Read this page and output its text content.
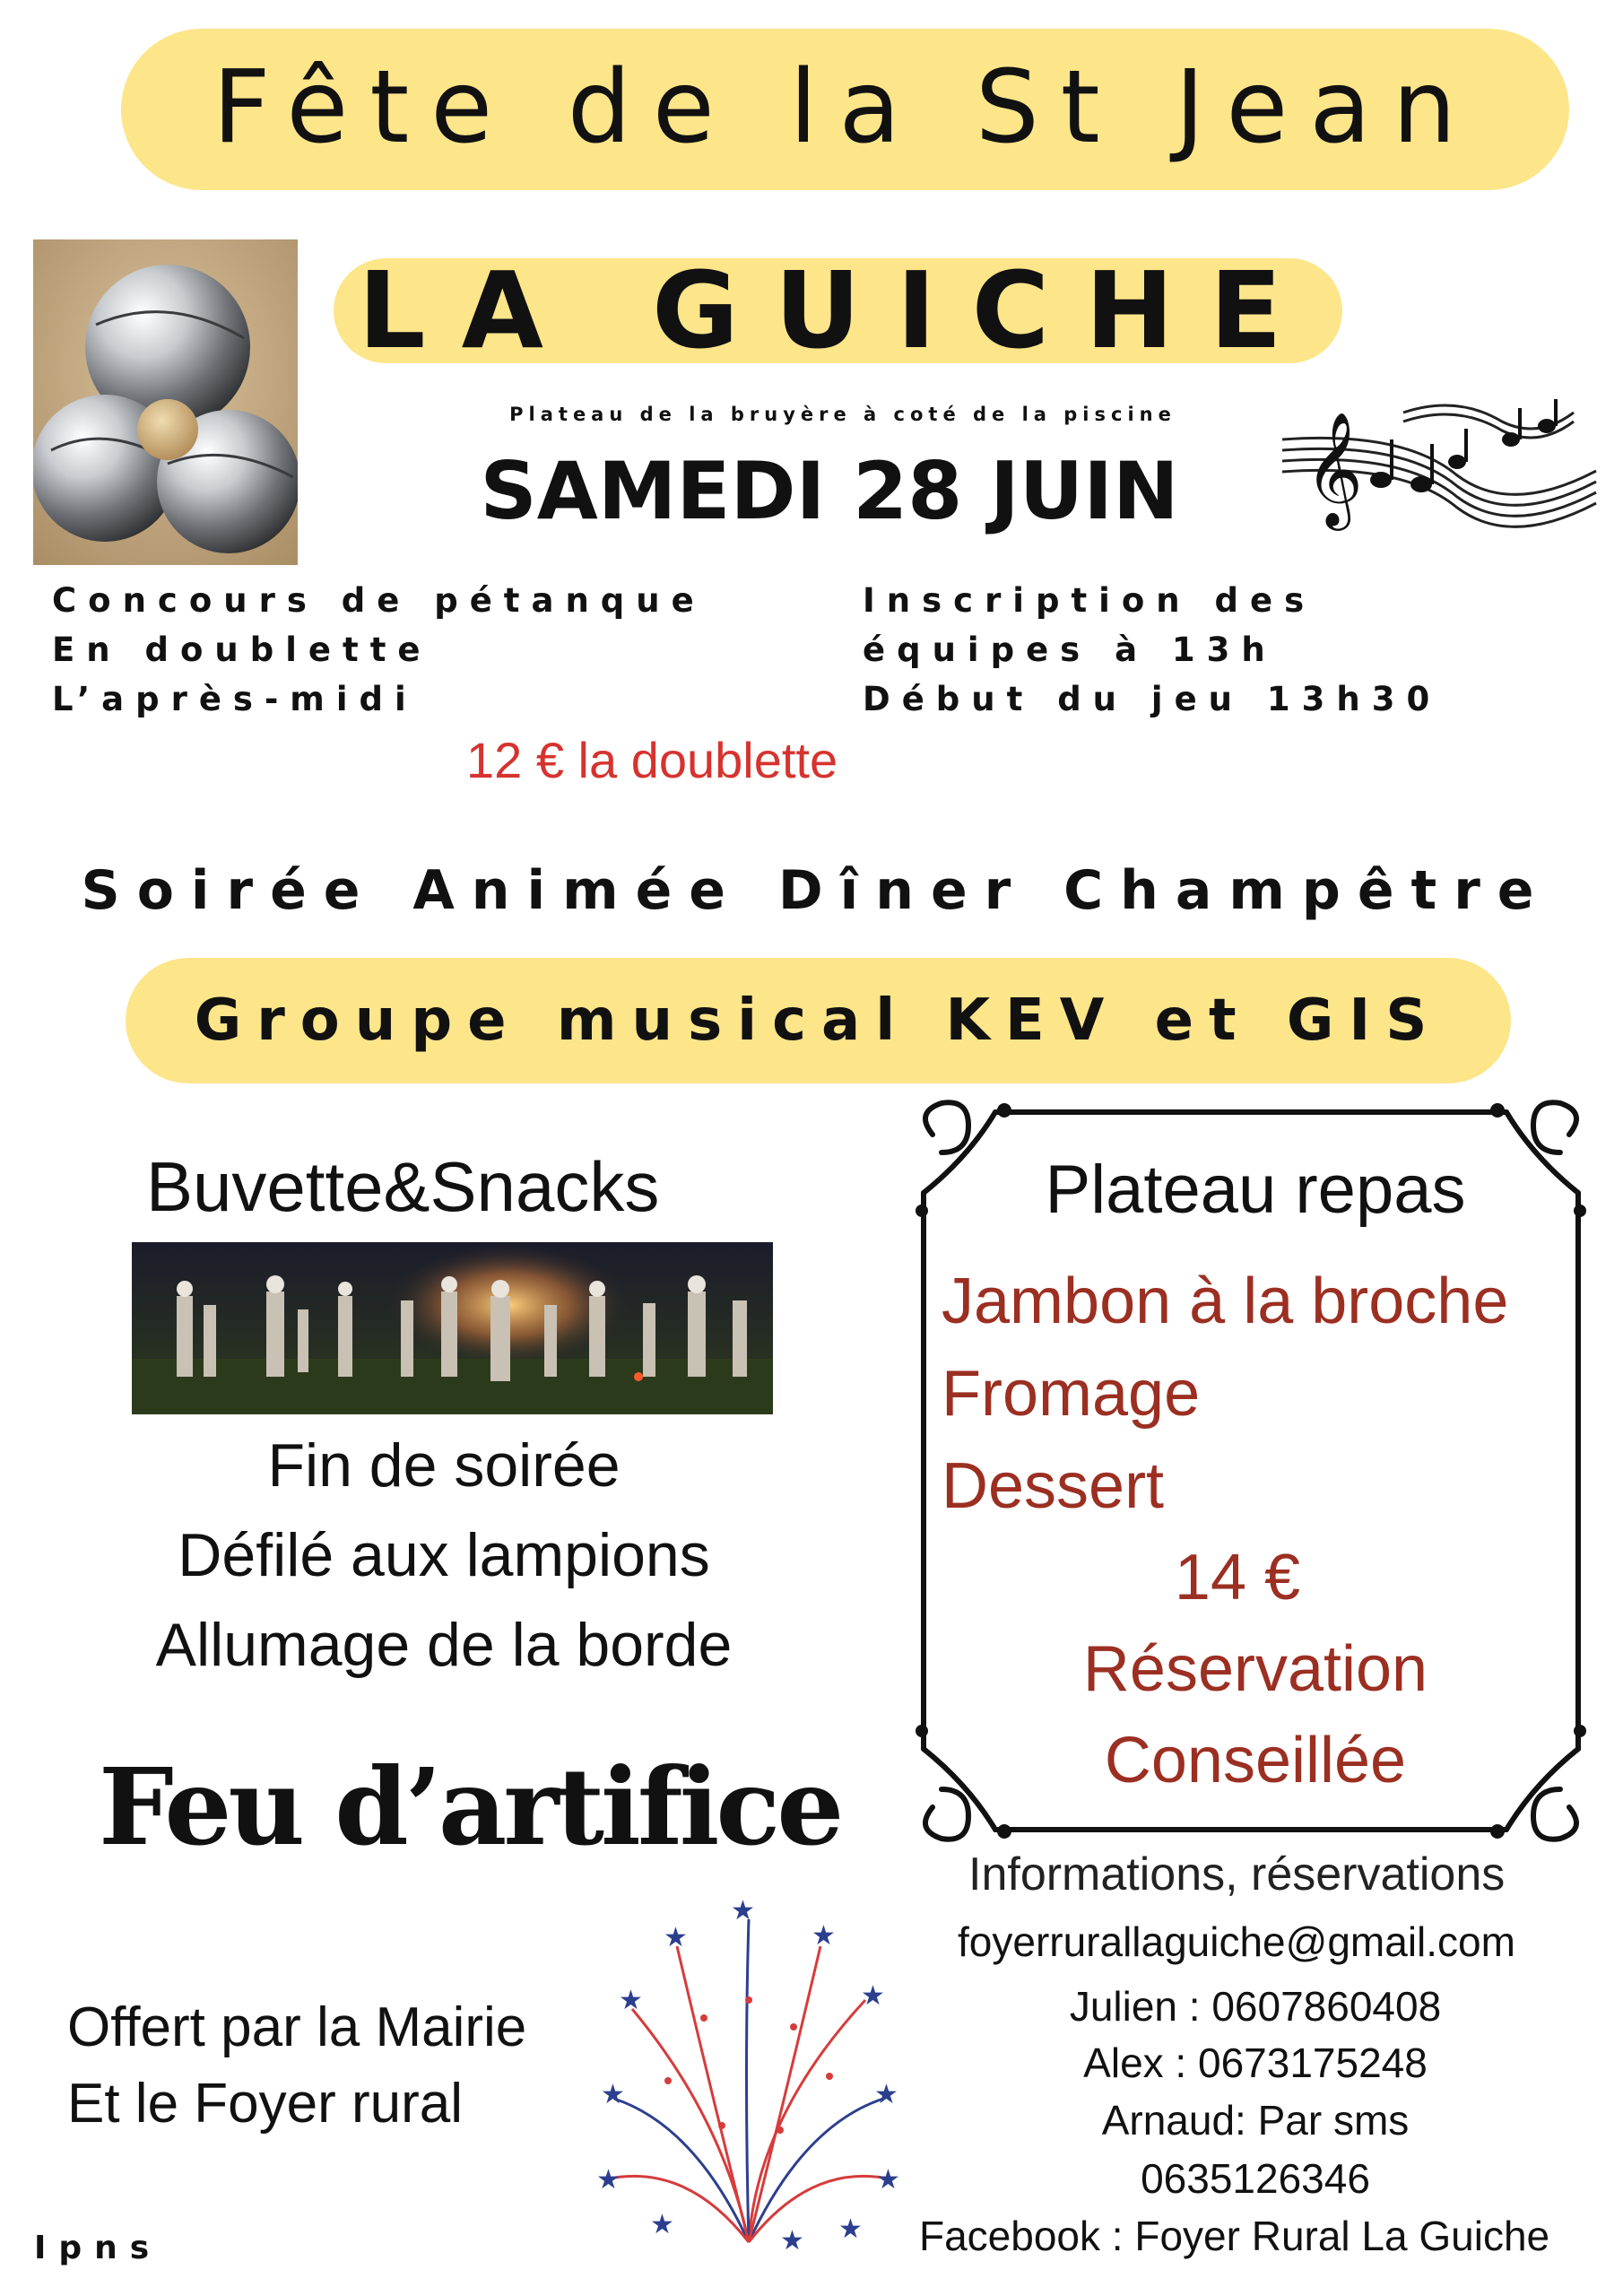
Fête de la St Jean
LA GUICHE
Plateau de la bruyère à coté de la piscine
SAMEDI 28 JUIN	𝄞
Concours de pétanque
En doublette
L’après-midi
Inscription des
équipes à 13h
Début du jeu 13h30
12 € la doublette
Soirée Animée Dîner Champêtre
Groupe musical KEV et GIS
Buvette&Snacks
Fin de soirée
Défilé aux lampions
Allumage de la borde
Feu d’artifice
Offert par la Mairie
Et le Foyer rural
★
★	★
★	★
★	★
★	★
★	★
★
Plateau repas
Jambon à la broche
Fromage
Dessert
14 €
Réservation
Conseillée
Informations, réservations
foyerrurallaguiche@gmail.com
Julien : 0607860408
Alex : 0673175248
Arnaud: Par sms
0635126346
Facebook : Foyer Rural La Guiche
Ipns
